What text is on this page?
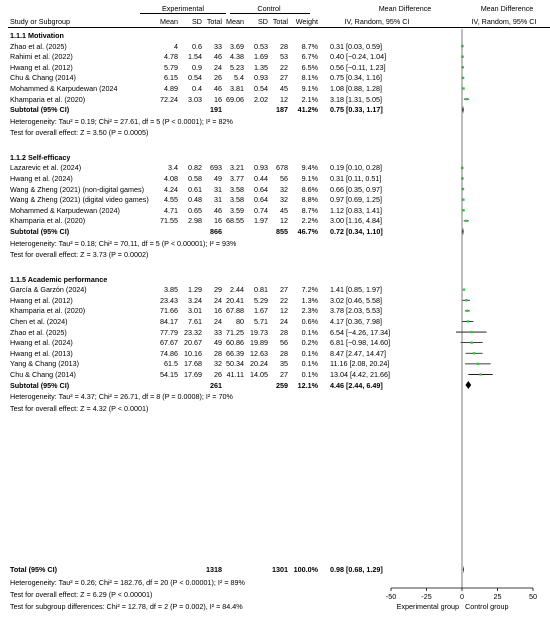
Experimental	Control	Mean Difference	Mean Difference
Study or Subgroup	Mean	SD Total Mean	SD Total	Weight	IV, Random, 95% CI	IV, Random, 95% CI
1.1.1 Motivation
Zhao et al. (2025)	4	0.6	33	3.69	0.53	28	8.7% 0.31 [0.03, 0.59]
Rahimi et al. (2022)	4.78	1.54	46	4.38	1.69	53	6.7% 0.40 [−0.24, 1.04]
Hwang et al. (2012)	5.79	0.9	24	5.23	1.35	22	6.5% 0.56 [−0.11, 1.23]
Chu & Chang (2014)	6.15	0.54	26	5.4	0.93	27	8.1% 0.75 [0.34, 1.16]
Mohammed & Karpudewan (2024	4.89	0.4	46	3.81	0.54	45	9.1% 1.08 [0.88, 1.28]
Khamparia et al. (2020)	72.24	3.03	16 69.06	2.02	12	2.1% 3.18 [1.31, 5.05]
Subtotal (95% CI)	191	187	41.2% 0.75 [0.33, 1.17]
Heterogeneity: Tau² = 0.19; Chi² = 27.61, df = 5 (P < 0.0001); I² = 82%
Test for overall effect: Z = 3.50 (P = 0.0005)
1.1.2 Self-efficacy
Lazarevic et al. (2024)	3.4	0.82	693	3.21	0.93	678	9.4% 0.19 [0.10, 0.28]
Hwang et al. (2024)	4.08	0.58	49	3.77	0.44	56	9.1% 0.31 [0.11, 0.51]
Wang & Zheng (2021) (non-digital games)	4.24	0.61	31	3.58	0.64	32	8.6% 0.66 [0.35, 0.97]
Wang & Zheng (2021) (digital video games)	4.55	0.48	31	3.58	0.64	32	8.8% 0.97 [0.69, 1.25]
Mohammed & Karpudewan (2024)	4.71	0.65	46	3.59	0.74	45	8.7% 1.12 [0.83, 1.41]
Khamparia et al. (2020)	71.55	2.98	16 68.55	1.97	12	2.2% 3.00 [1.16, 4.84]
Subtotal (95% CI)	866	855	46.7% 0.72 [0.34, 1.10]
Heterogeneity: Tau² = 0.18; Chi² = 70.11, df = 5 (P < 0.00001); I² = 93%
Test for overall effect: Z = 3.73 (P = 0.0002)
1.1.5 Academic performance
García & Garzón (2024)	3.85	1.29	29	2.44	0.81	27	7.2% 1.41 [0.85, 1.97]
Hwang et al. (2012)	23.43	3.24	24 20.41	5.29	22	1.3% 3.02 [0.46, 5.58]
Khamparia et al. (2020)	71.66	3.01	16 67.88	1.67	12	2.3% 3.78 [2.03, 5.53]
Chen et al. (2024)	84.17	7.61	24	80	5.71	24	0.6% 4.17 [0.36, 7.98]
Zhao et al. (2025)	77.79 23.32	33 71.25 19.73	28	0.1% 6.54 [−4.26, 17.34]
Hwang et al. (2024)	67.67 20.67	49 60.86 19.89	56	0.2% 6.81 [−0.98, 14.60]
Hwang et al. (2013)	74.86 10.16	28 66.39 12.63	28	0.1% 8.47 [2.47, 14.47]
Yang & Chang (2013)	61.5 17.68	32 50.34 20.24	35	0.1% 11.16 [2.08, 20.24]
Chu & Chang (2014)	54.15 17.69	26 41.11 14.05	27	0.1% 13.04 [4.42, 21.66]
Subtotal (95% CI)	261	259	12.1% 4.46 [2.44, 6.49]
Heterogeneity: Tau² = 4.37; Chi² = 26.71, df = 8 (P = 0.0008); I² = 70%
Test for overall effect: Z = 4.32 (P < 0.0001)
Total (95% CI)	1318	1301 100.0% 0.98 [0.68, 1.29]
Heterogeneity: Tau² = 0.26; Chi² = 182.76, df = 20 (P < 0.00001); I² = 89%
Test for overall effect: Z = 6.29 (P < 0.00001)
Test for subgroup differences: Chi² = 12.78, df = 2 (P = 0.002), I² = 84.4%
-50	-25	0	25	50
Experimental group Control group
